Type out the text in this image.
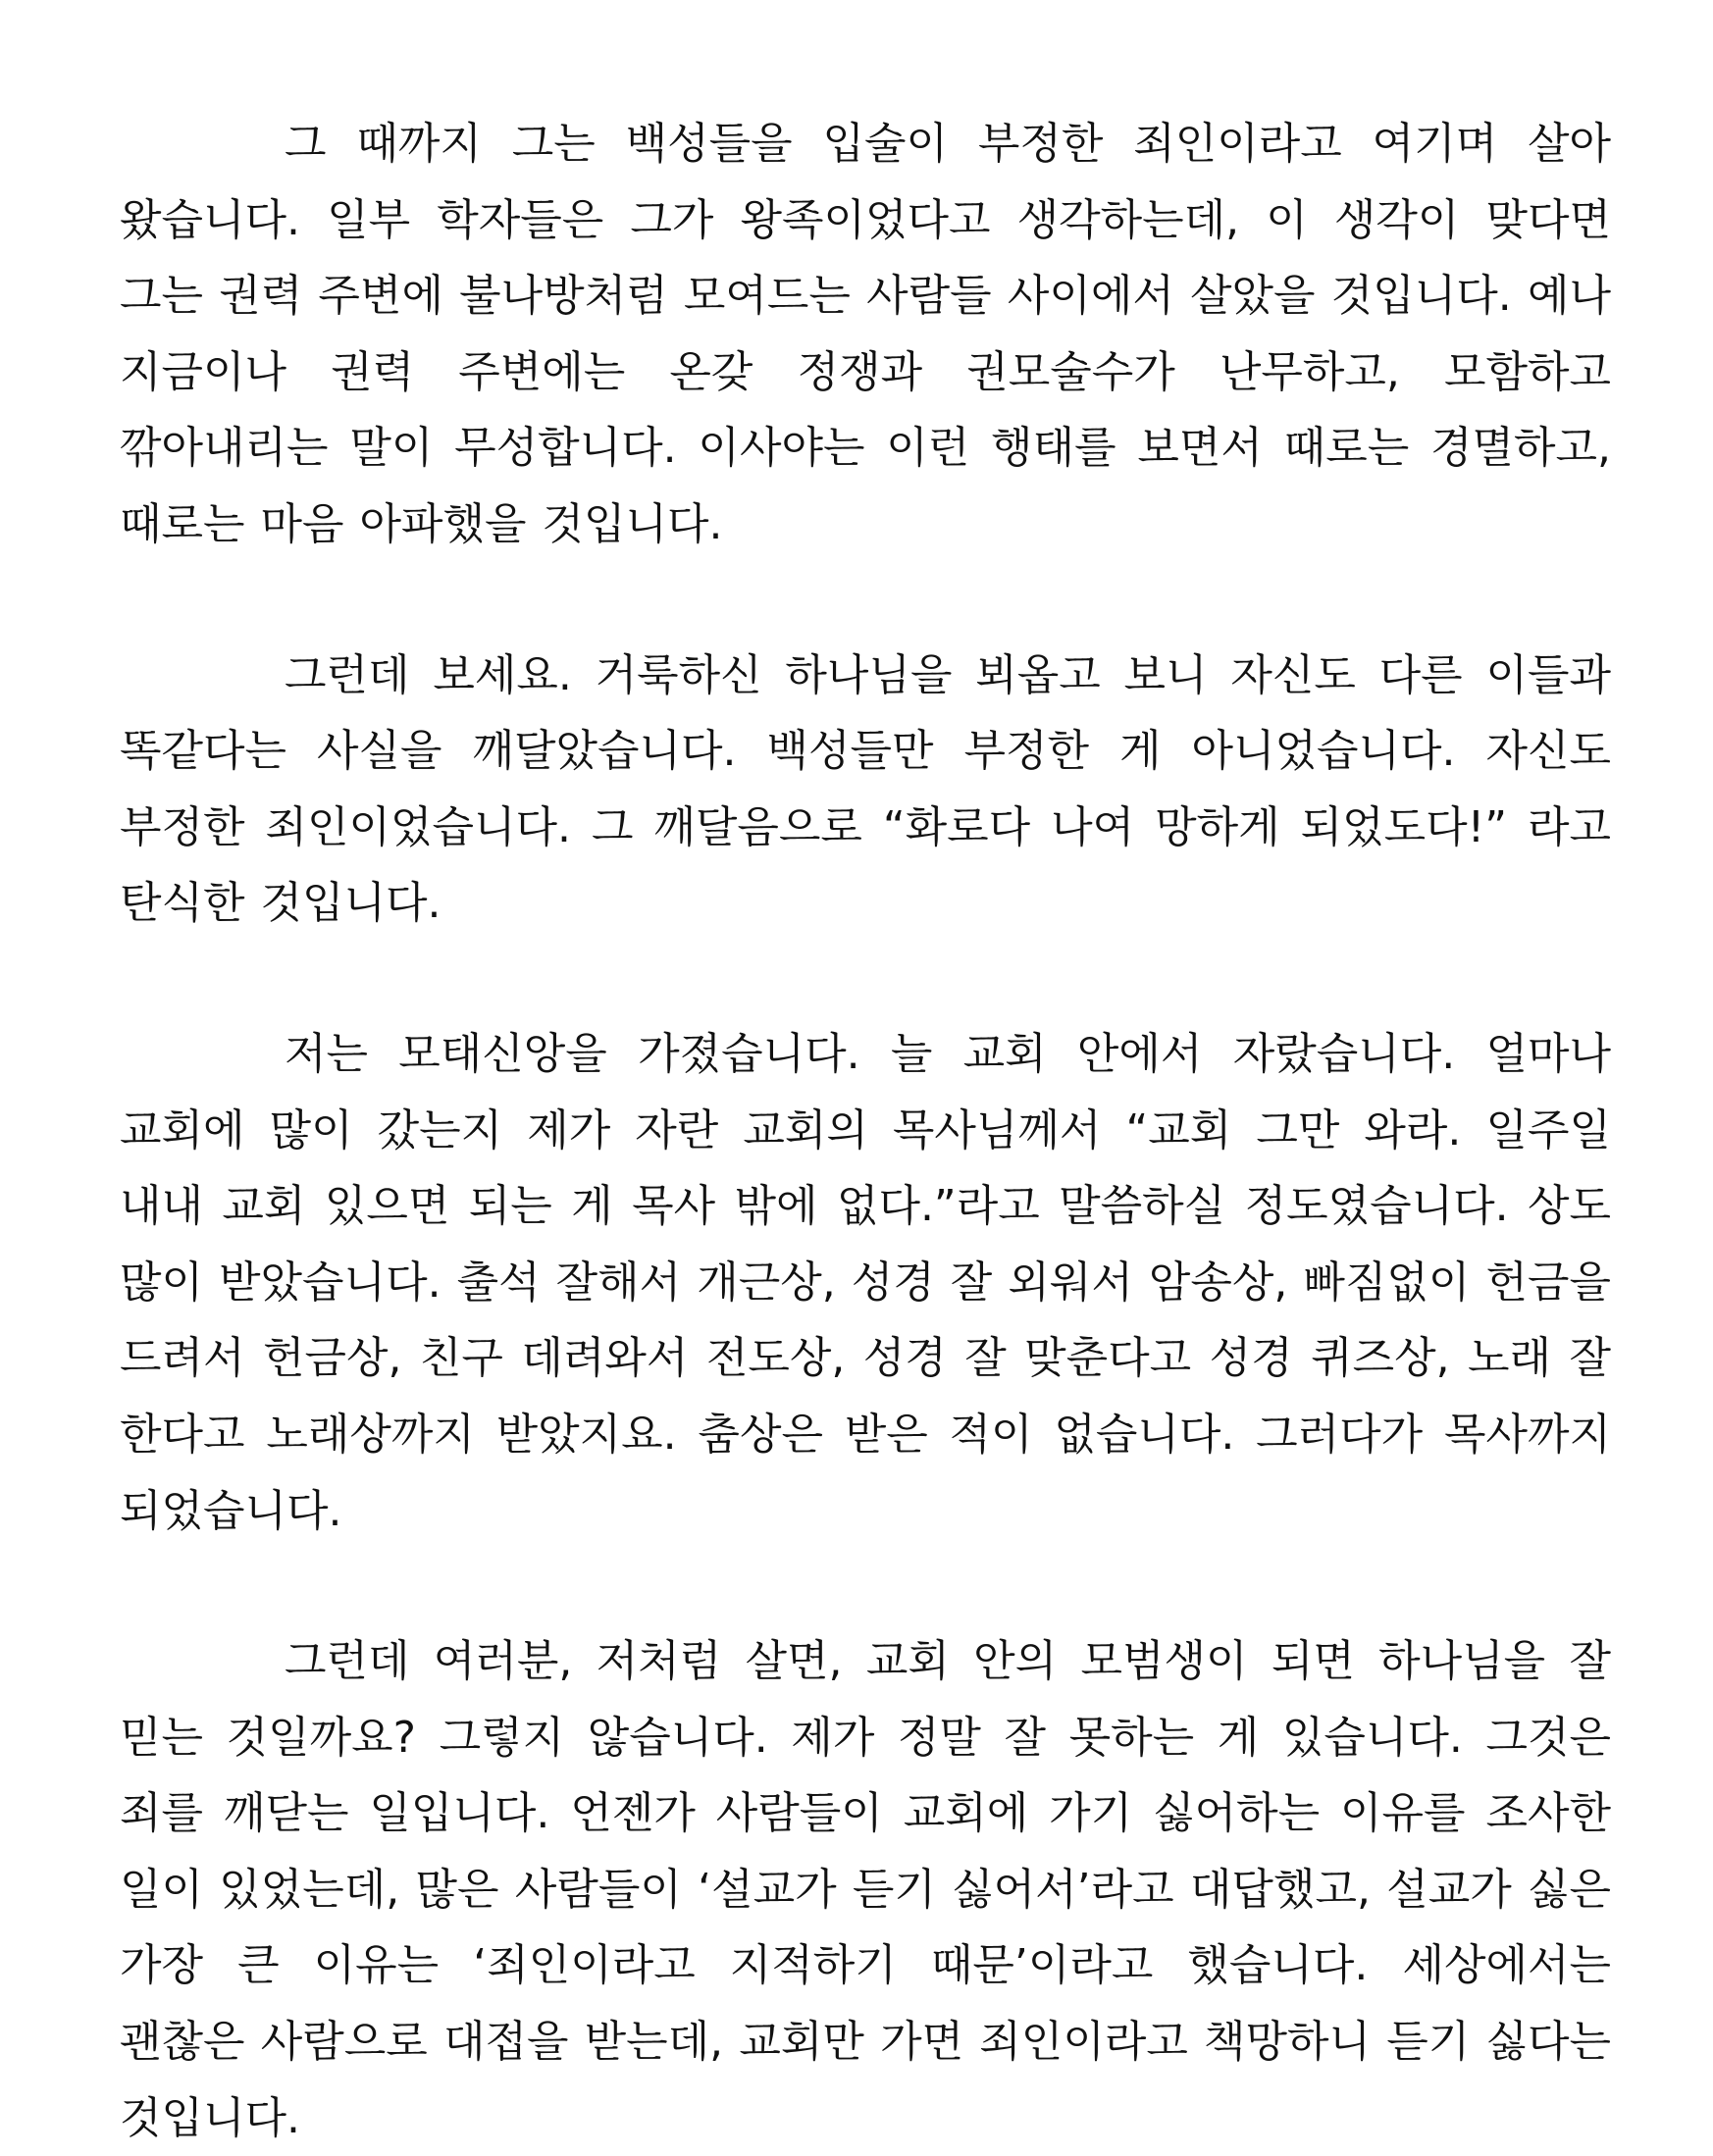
그 때까지 그는 백성들을 입술이 부정한 죄인이라고 여기며 살아 왔습니다. 일부 학자들은 그가 왕족이었다고 생각하는데, 이 생각이 맞다면 그는 권력 주변에 불나방처럼 모여드는 사람들 사이에서 살았을 것입니다. 예나 지금이나 권력 주변에는 온갖 정쟁과 권모술수가 난무하고, 모함하고 깎아내리는 말이 무성합니다. 이사야는 이런 행태를 보면서 때로는 경멸하고, 때로는 마음 아파했을 것입니다.

그런데 보세요. 거룩하신 하나님을 뵈옵고 보니 자신도 다른 이들과 똑같다는 사실을 깨달았습니다. 백성들만 부정한 게 아니었습니다. 자신도 부정한 죄인이었습니다. 그 깨달음으로 “화로다 나여 망하게 되었도다!” 라고 탄식한 것입니다.

저는 모태신앙을 가졌습니다. 늘 교회 안에서 자랐습니다. 얼마나 교회에 많이 갔는지 제가 자란 교회의 목사님께서 “교회 그만 와라. 일주일 내내 교회 있으면 되는 게 목사 밖에 없다.”라고 말씀하실 정도였습니다. 상도 많이 받았습니다. 출석 잘해서 개근상, 성경 잘 외워서 암송상, 빠짐없이 헌금을 드려서 헌금상, 친구 데려와서 전도상, 성경 잘 맞춘다고 성경 퀴즈상, 노래 잘 한다고 노래상까지 받았지요. 춤상은 받은 적이 없습니다. 그러다가 목사까지 되었습니다.

그런데 여러분, 저처럼 살면, 교회 안의 모범생이 되면 하나님을 잘 믿는 것일까요? 그렇지 않습니다. 제가 정말 잘 못하는 게 있습니다. 그것은 죄를 깨닫는 일입니다. 언젠가 사람들이 교회에 가기 싫어하는 이유를 조사한 일이 있었는데, 많은 사람들이 ‘설교가 듣기 싫어서’라고 대답했고, 설교가 싫은 가장 큰 이유는 ‘죄인이라고 지적하기 때문’이라고 했습니다. 세상에서는 괜찮은 사람으로 대접을 받는데, 교회만 가면 죄인이라고 책망하니 듣기 싫다는 것입니다.
